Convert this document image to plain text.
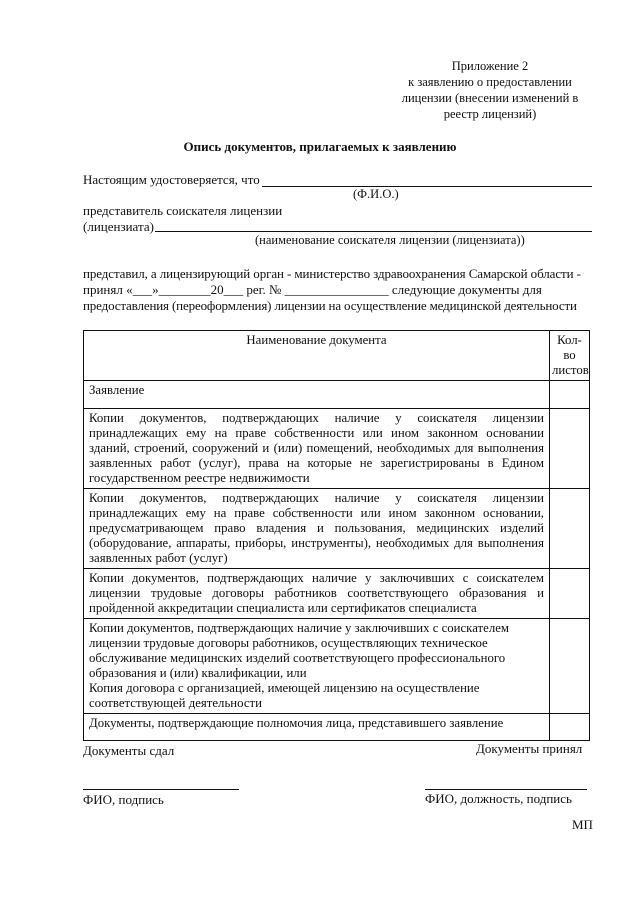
Приложение 2
к заявлению о предоставлении
лицензии (внесении изменений в
реестр лицензий)
Опись документов, прилагаемых к заявлению
Настоящим удостоверяется, что
(Ф.И.О.)
представитель соискателя лицензии
(лицензиата)
(наименование соискателя лицензии (лицензиата))
представил, а лицензирующий орган - министерство здравоохранения Самарской области -
принял «___»________20___ рег. № ________________ следующие документы для
предоставления (переоформления) лицензии на осуществление медицинской деятельности
Наименование документа	Кол-во
листов

Заявление	
Копии документов, подтверждающих наличие у соискателя лицензии принадлежащих ему на праве собственности или ином законном основании зданий, строений, сооружений и (или) помещений, необходимых для выполнения заявленных работ (услуг), права на которые не зарегистрированы в Едином государственном реестре недвижимости	
Копии документов, подтверждающих наличие у соискателя лицензии принадлежащих ему на праве собственности или ином законном основании, предусматривающем право владения и пользования, медицинских изделий (оборудование, аппараты, приборы, инструменты), необходимых для выполнения заявленных работ (услуг)	
Копии документов, подтверждающих наличие у заключивших с соискателем лицензии трудовые договоры работников соответствующего образования и пройденной аккредитации специалиста или сертификатов специалиста	

Копии документов, подтверждающих наличие у заключивших с соискателем лицензии трудовые договоры работников, осуществляющих техническое обслуживание медицинских изделий соответствующего профессионального образования и (или) квалификации, или
Копия договора с организацией, имеющей лицензию на осуществление соответствующей деятельности	

Документы, подтверждающие полномочия лица, представившего заявление	
Документы сдал	Документы принял
ФИО, подпись	ФИО, должность, подпись
МП
